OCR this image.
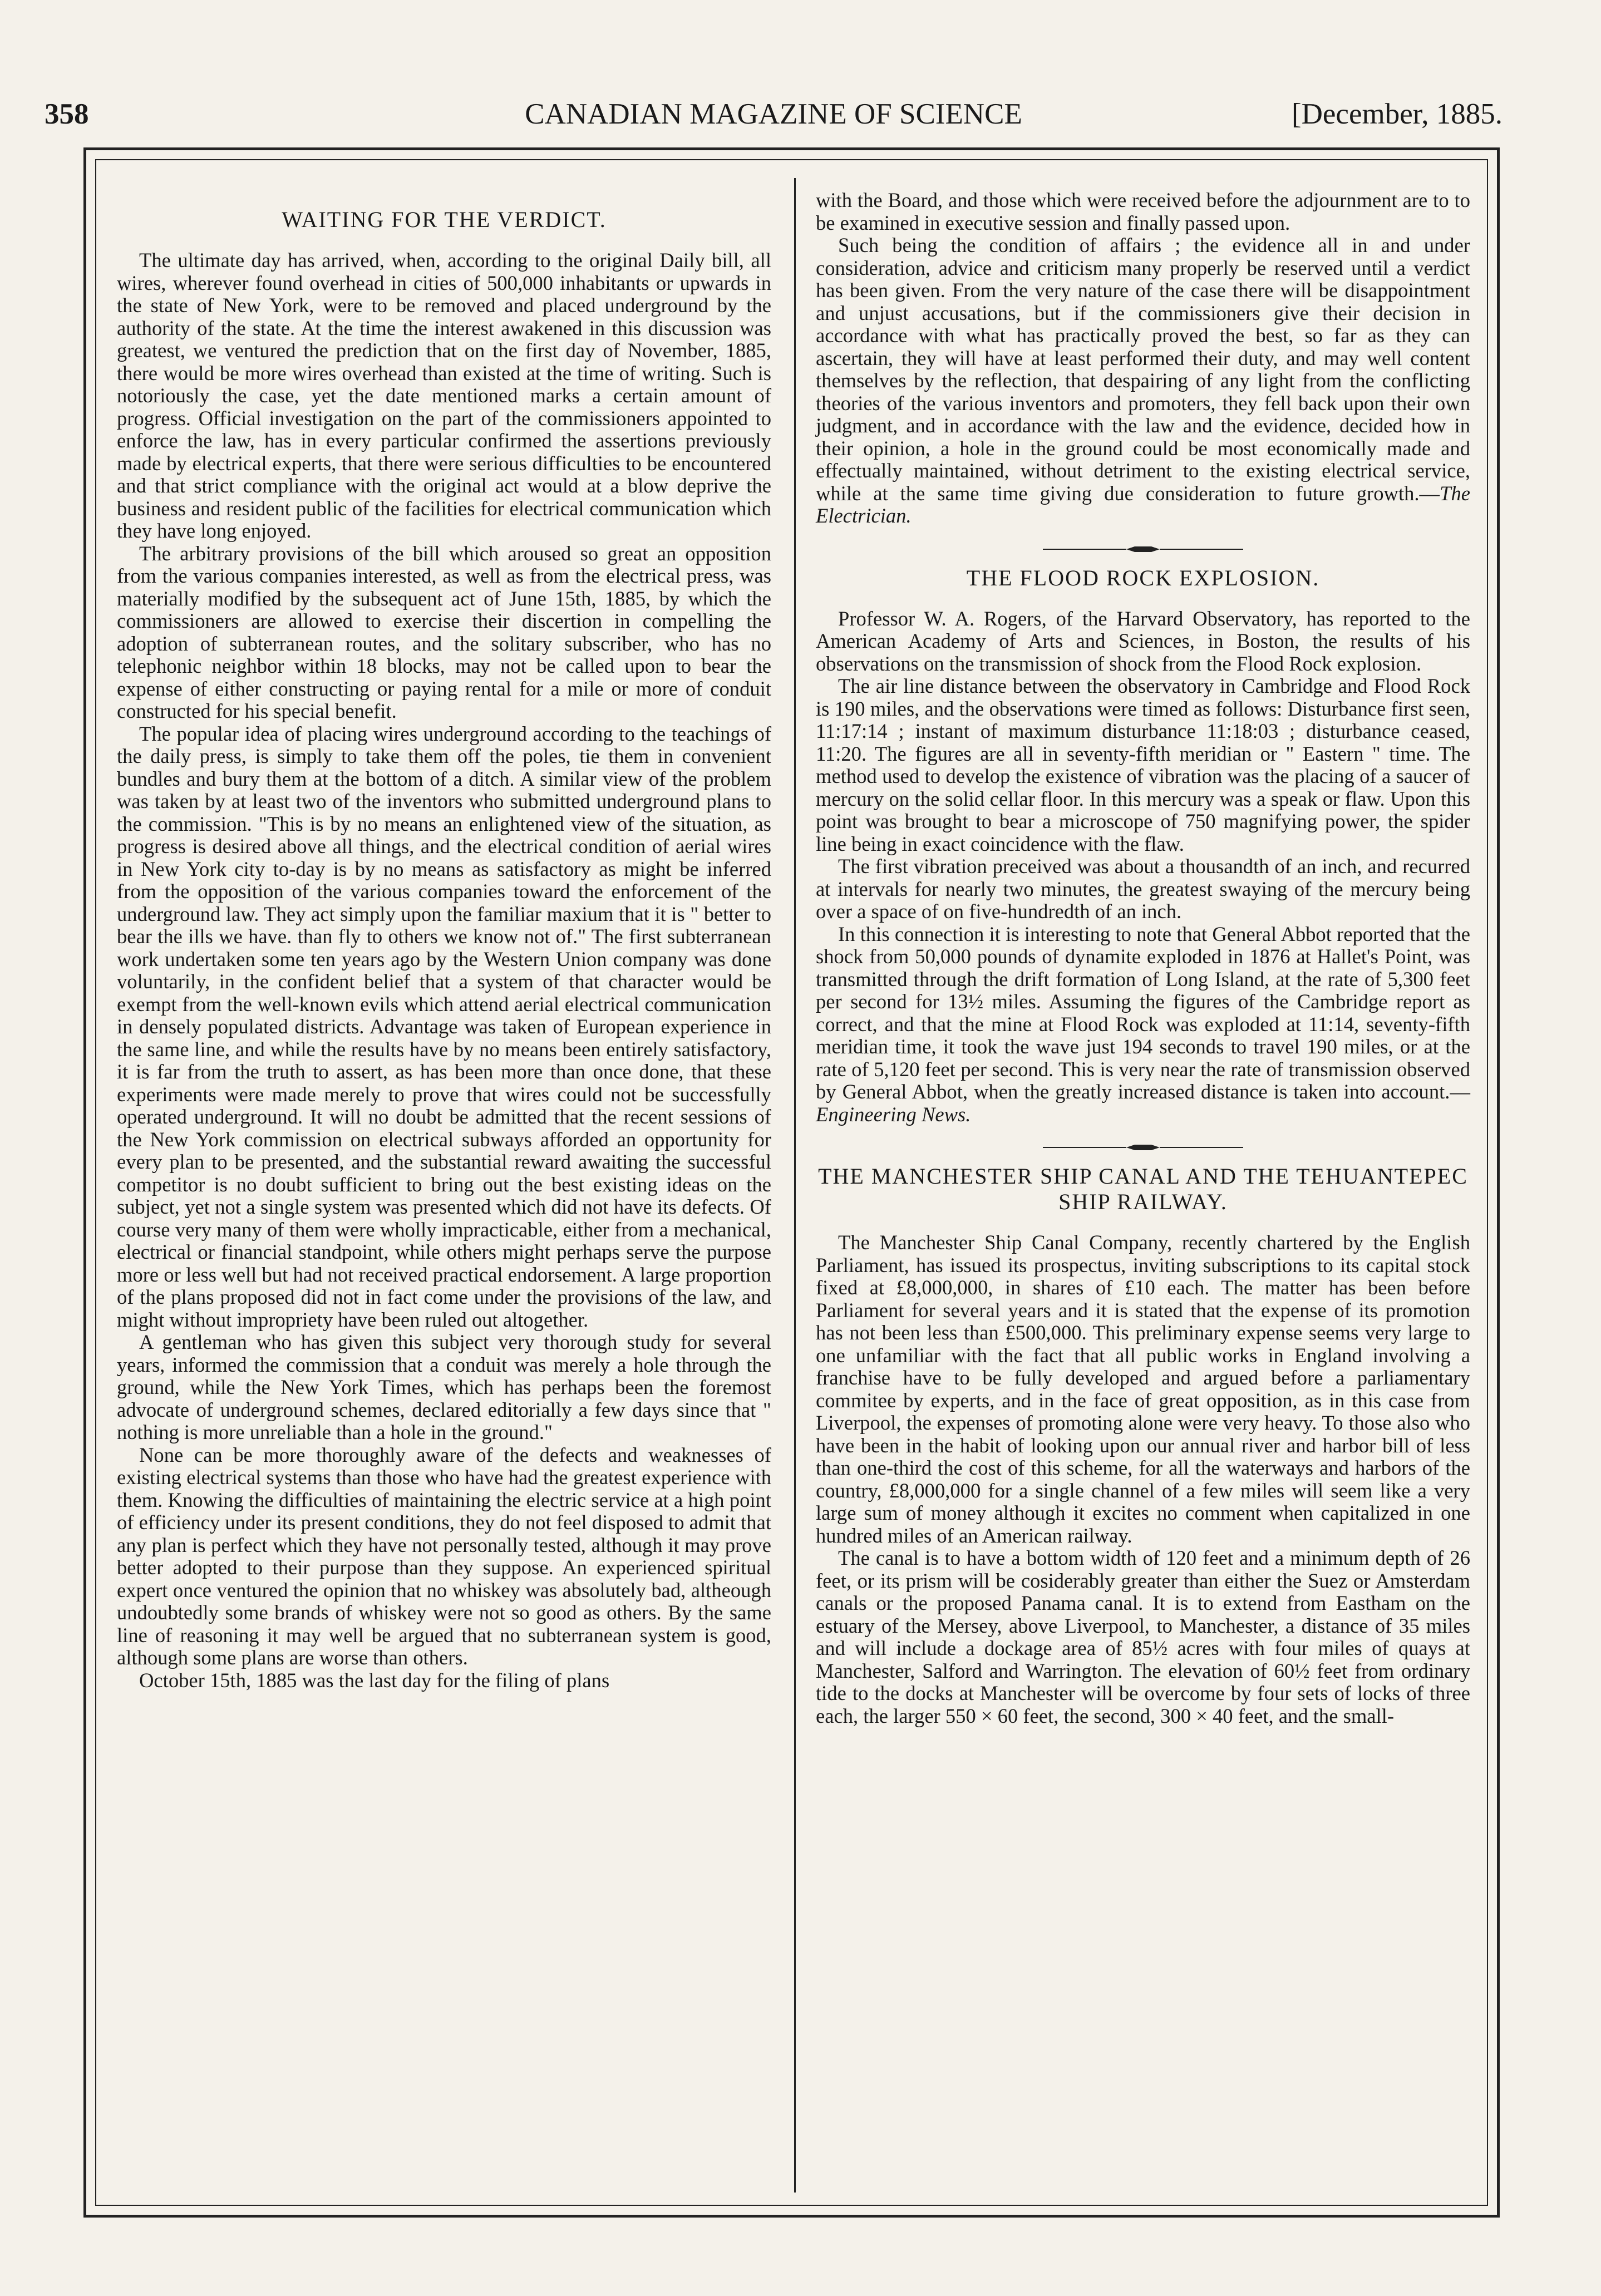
358	CANADIAN MAGAZINE OF SCIENCE	[December, 1885.
WAITING FOR THE VERDICT.

The ultimate day has arrived, when, according to the original Daily bill, all wires, wherever found overhead in cities of 500,000 inhabitants or upwards in the state of New York, were to be removed and placed underground by the authority of the state. At the time the interest awakened in this discussion was greatest, we ventured the prediction that on the first day of November, 1885, there would be more wires overhead than existed at the time of writing. Such is notoriously the case, yet the date mentioned marks a certain amount of progress. Official investigation on the part of the commissioners appointed to enforce the law, has in every particular confirmed the assertions previously made by electrical experts, that there were serious difficulties to be encountered and that strict compliance with the original act would at a blow deprive the business and resident public of the facilities for electrical communication which they have long enjoyed.

The arbitrary provisions of the bill which aroused so great an opposition from the various companies interested, as well as from the electrical press, was materially modified by the subsequent act of June 15th, 1885, by which the commissioners are allowed to exercise their discertion in compelling the adoption of subterranean routes, and the solitary subscriber, who has no telephonic neighbor within 18 blocks, may not be called upon to bear the expense of either constructing or paying rental for a mile or more of conduit constructed for his special benefit.

The popular idea of placing wires underground according to the teachings of the daily press, is simply to take them off the poles, tie them in convenient bundles and bury them at the bottom of a ditch. A similar view of the problem was taken by at least two of the inventors who submitted underground plans to the commission. "This is by no means an enlightened view of the situation, as progress is desired above all things, and the electrical condition of aerial wires in New York city to-day is by no means as satisfactory as might be inferred from the opposition of the various companies toward the enforcement of the underground law. They act simply upon the familiar maxium that it is " better to bear the ills we have. than fly to others we know not of." The first subterranean work undertaken some ten years ago by the Western Union company was done voluntarily, in the confident belief that a system of that character would be exempt from the well-known evils which attend aerial electrical communication in densely populated districts. Advantage was taken of European experience in the same line, and while the results have by no means been entirely satisfactory, it is far from the truth to assert, as has been more than once done, that these experiments were made merely to prove that wires could not be successfully operated underground. It will no doubt be admitted that the recent sessions of the New York commission on electrical subways afforded an opportunity for every plan to be presented, and the substantial reward awaiting the successful competitor is no doubt sufficient to bring out the best existing ideas on the subject, yet not a single system was presented which did not have its defects. Of course very many of them were wholly impracticable, either from a mechanical, electrical or financial standpoint, while others might perhaps serve the purpose more or less well but had not received practical endorsement. A large proportion of the plans proposed did not in fact come under the provisions of the law, and might without impropriety have been ruled out altogether.

A gentleman who has given this subject very thorough study for several years, informed the commission that a conduit was merely a hole through the ground, while the New York Times, which has perhaps been the foremost advocate of underground schemes, declared editorially a few days since that " nothing is more unreliable than a hole in the ground."

None can be more thoroughly aware of the defects and weaknesses of existing electrical systems than those who have had the greatest experience with them. Knowing the difficulties of maintaining the electric service at a high point of efficiency under its present conditions, they do not feel disposed to admit that any plan is perfect which they have not personally tested, although it may prove better adopted to their purpose than they suppose. An experienced spiritual expert once ventured the opinion that no whiskey was absolutely bad, altheough undoubtedly some brands of whiskey were not so good as others. By the same line of reasoning it may well be argued that no subterranean system is good, although some plans are worse than others.

October 15th, 1885 was the last day for the filing of plans

with the Board, and those which were received before the adjournment are to to be examined in executive session and finally passed upon.

Such being the condition of affairs ; the evidence all in and under consideration, advice and criticism many properly be reserved until a verdict has been given. From the very nature of the case there will be disappointment and unjust accusations, but if the commissioners give their decision in accordance with what has practically proved the best, so far as they can ascertain, they will have at least performed their duty, and may well content themselves by the reflection, that despairing of any light from the conflicting theories of the various inventors and promoters, they fell back upon their own judgment, and in accordance with the law and the evidence, decided how in their opinion, a hole in the ground could be most economically made and effectually maintained, without detriment to the existing electrical service, while at the same time giving due consideration to future growth.—The Electrician.

THE FLOOD ROCK EXPLOSION.

Professor W. A. Rogers, of the Harvard Observatory, has reported to the American Academy of Arts and Sciences, in Boston, the results of his observations on the transmission of shock from the Flood Rock explosion.

The air line distance between the observatory in Cambridge and Flood Rock is 190 miles, and the observations were timed as follows: Disturbance first seen, 11:17:14 ; instant of maximum disturbance 11:18:03 ; disturbance ceased, 11:20. The figures are all in seventy-fifth meridian or " Eastern " time. The method used to develop the existence of vibration was the placing of a saucer of mercury on the solid cellar floor. In this mercury was a speak or flaw. Upon this point was brought to bear a microscope of 750 magnifying power, the spider line being in exact coincidence with the flaw.

The first vibration preceived was about a thousandth of an inch, and recurred at intervals for nearly two minutes, the greatest swaying of the mercury being over a space of on five-hundredth of an inch.

In this connection it is interesting to note that General Abbot reported that the shock from 50,000 pounds of dynamite exploded in 1876 at Hallet's Point, was transmitted through the drift formation of Long Island, at the rate of 5,300 feet per second for 13½ miles. Assuming the figures of the Cambridge report as correct, and that the mine at Flood Rock was exploded at 11:14, seventy-fifth meridian time, it took the wave just 194 seconds to travel 190 miles, or at the rate of 5,120 feet per second. This is very near the rate of transmission observed by General Abbot, when the greatly increased distance is taken into account.—Engineering News.

THE MANCHESTER SHIP CANAL AND THE TEHUANTEPEC SHIP RAILWAY.

The Manchester Ship Canal Company, recently chartered by the English Parliament, has issued its prospectus, inviting subscriptions to its capital stock fixed at £8,000,000, in shares of £10 each. The matter has been before Parliament for several years and it is stated that the expense of its promotion has not been less than £500,000. This preliminary expense seems very large to one unfamiliar with the fact that all public works in England involving a franchise have to be fully developed and argued before a parliamentary commitee by experts, and in the face of great opposition, as in this case from Liverpool, the expenses of promoting alone were very heavy. To those also who have been in the habit of looking upon our annual river and harbor bill of less than one-third the cost of this scheme, for all the waterways and harbors of the country, £8,000,000 for a single channel of a few miles will seem like a very large sum of money although it excites no comment when capitalized in one hundred miles of an American railway.

The canal is to have a bottom width of 120 feet and a minimum depth of 26 feet, or its prism will be cosiderably greater than either the Suez or Amsterdam canals or the proposed Panama canal. It is to extend from Eastham on the estuary of the Mersey, above Liverpool, to Manchester, a distance of 35 miles and will include a dockage area of 85½ acres with four miles of quays at Manchester, Salford and Warrington. The elevation of 60½ feet from ordinary tide to the docks at Manchester will be overcome by four sets of locks of three each, the larger 550 × 60 feet, the second, 300 × 40 feet, and the small-
